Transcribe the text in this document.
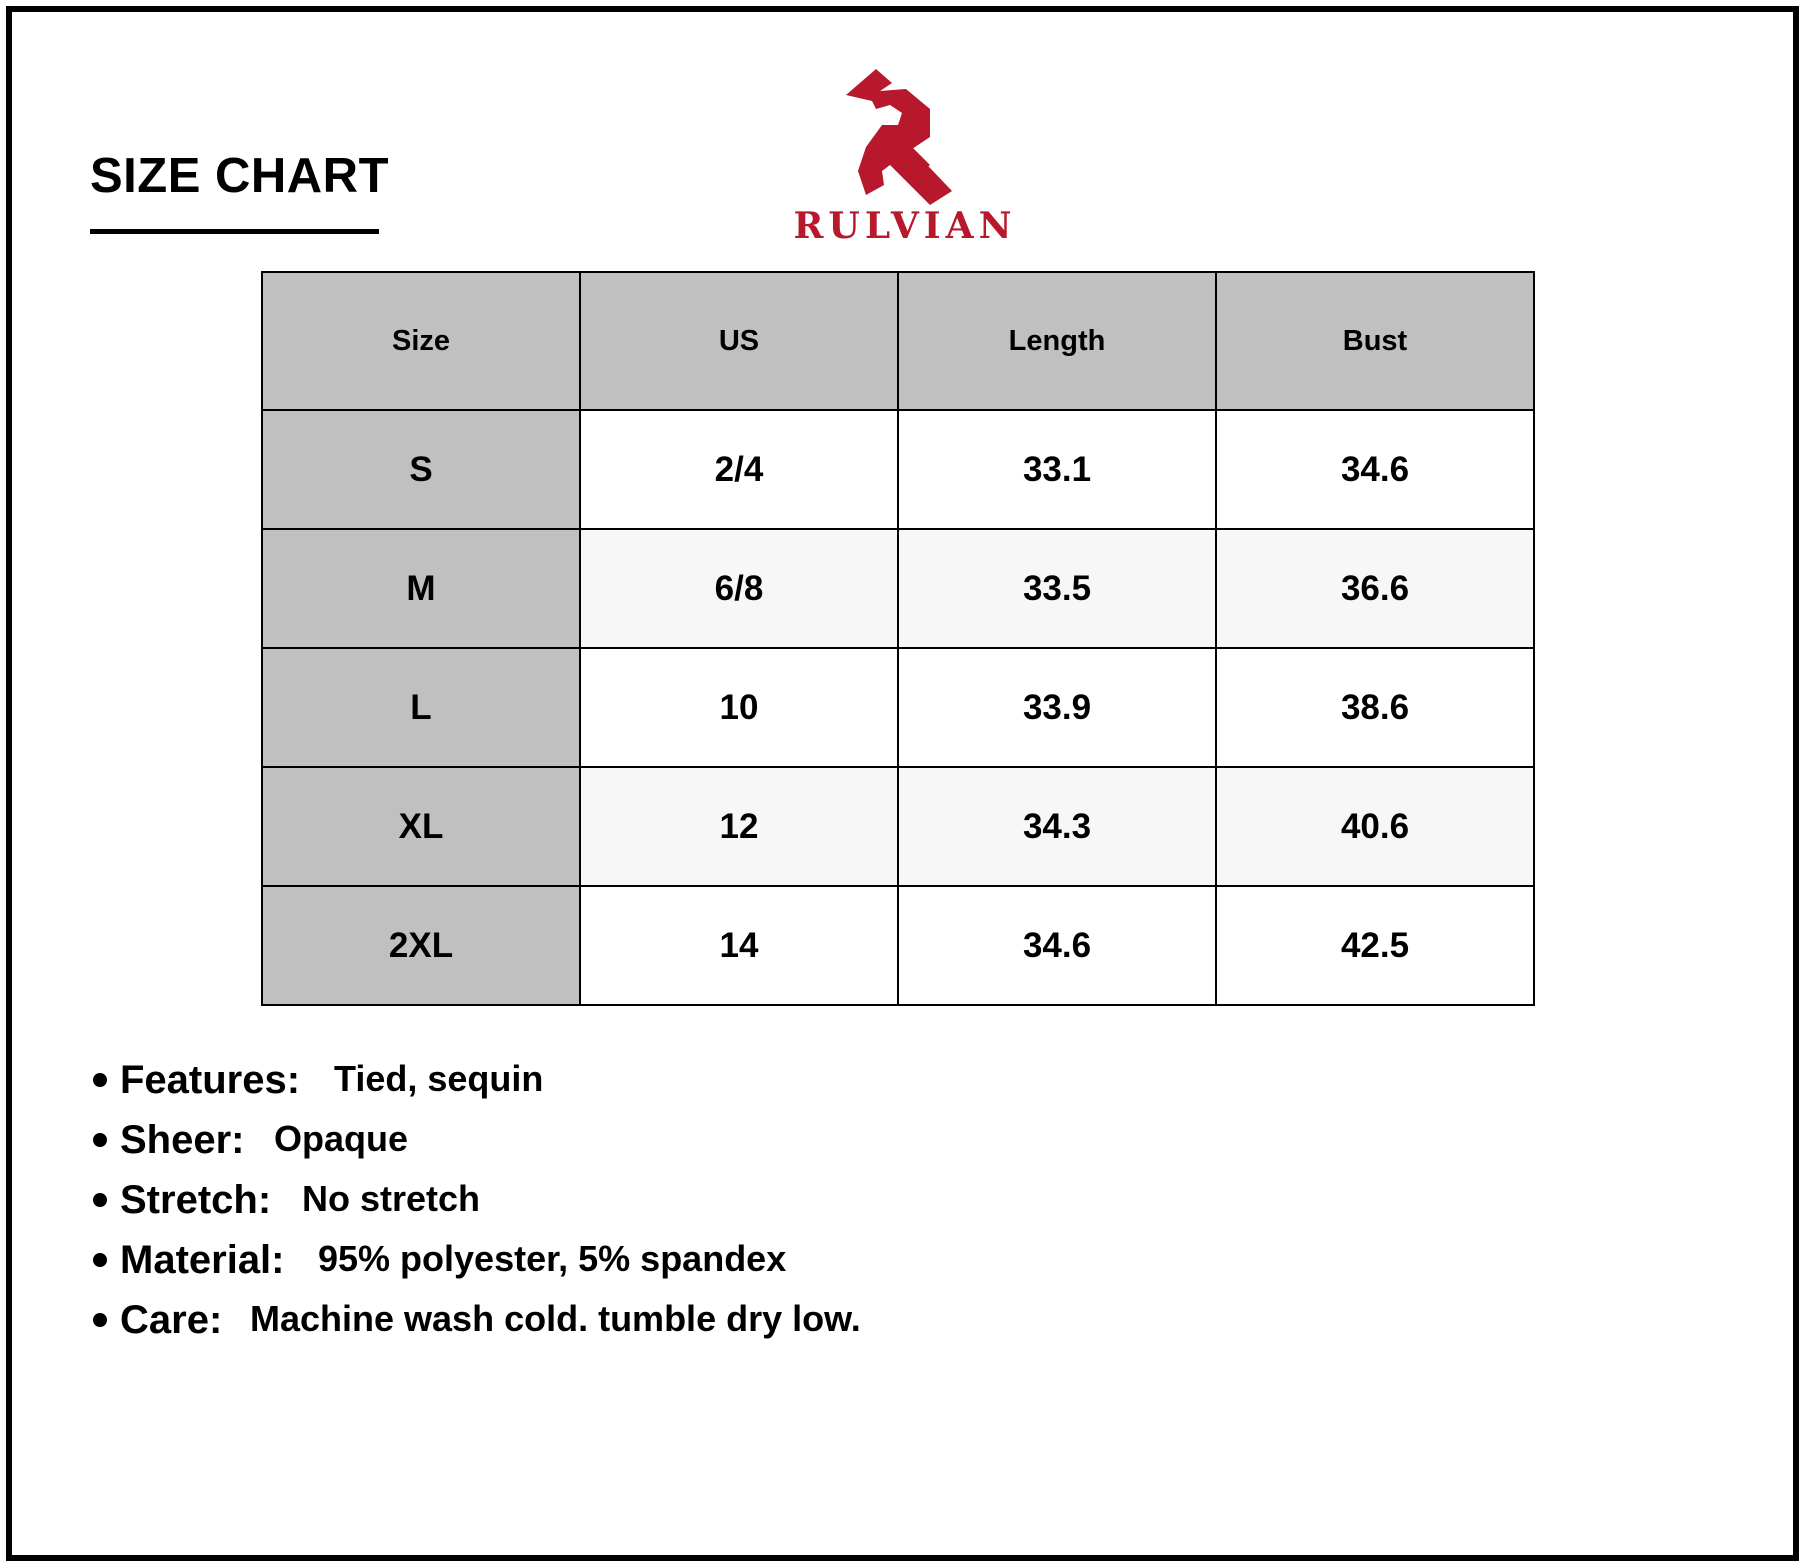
SIZE CHART
RULVIAN
Size	US	Length	Bust
S	2/4	33.1	34.6
M	6/8	33.5	36.6
L	10	33.9	38.6
XL	12	34.3	40.6
2XL	14	34.6	42.5
Features: Tied, sequin
Sheer: Opaque
Stretch: No stretch
Material: 95% polyester, 5% spandex
Care: Machine wash cold. tumble dry low.
